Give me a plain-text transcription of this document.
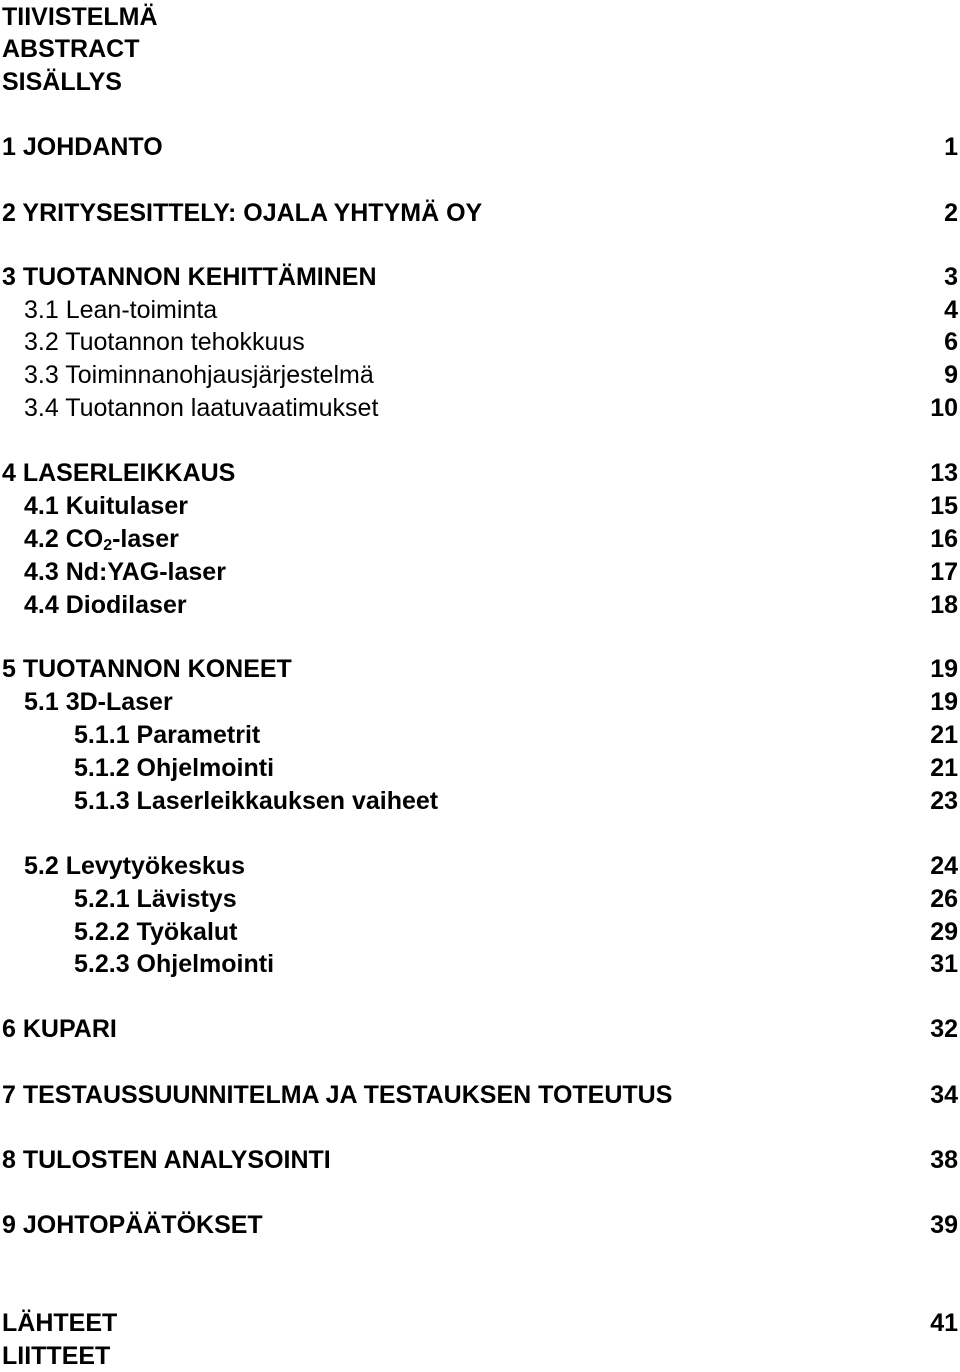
TIIVISTELMÄ
ABSTRACT
SISÄLLYS
1 JOHDANTO	1
2 YRITYSESITTELY: OJALA YHTYMÄ OY	2
3 TUOTANNON KEHITTÄMINEN	3
3.1 Lean-toiminta	4
3.2 Tuotannon tehokkuus	6
3.3 Toiminnanohjausjärjestelmä	9
3.4 Tuotannon laatuvaatimukset	10
4 LASERLEIKKAUS	13
4.1 Kuitulaser	15
4.2 CO2-laser	16
4.3 Nd:YAG-laser	17
4.4 Diodilaser	18
5 TUOTANNON KONEET	19
5.1 3D-Laser	19
5.1.1 Parametrit	21
5.1.2 Ohjelmointi	21
5.1.3 Laserleikkauksen vaiheet	23
5.2 Levytyökeskus	24
5.2.1 Lävistys	26
5.2.2 Työkalut	29
5.2.3 Ohjelmointi	31
6 KUPARI	32
7 TESTAUSSUUNNITELMA JA TESTAUKSEN TOTEUTUS	34
8 TULOSTEN ANALYSOINTI	38
9 JOHTOPÄÄTÖKSET	39
LÄHTEET	41
LIITTEET
